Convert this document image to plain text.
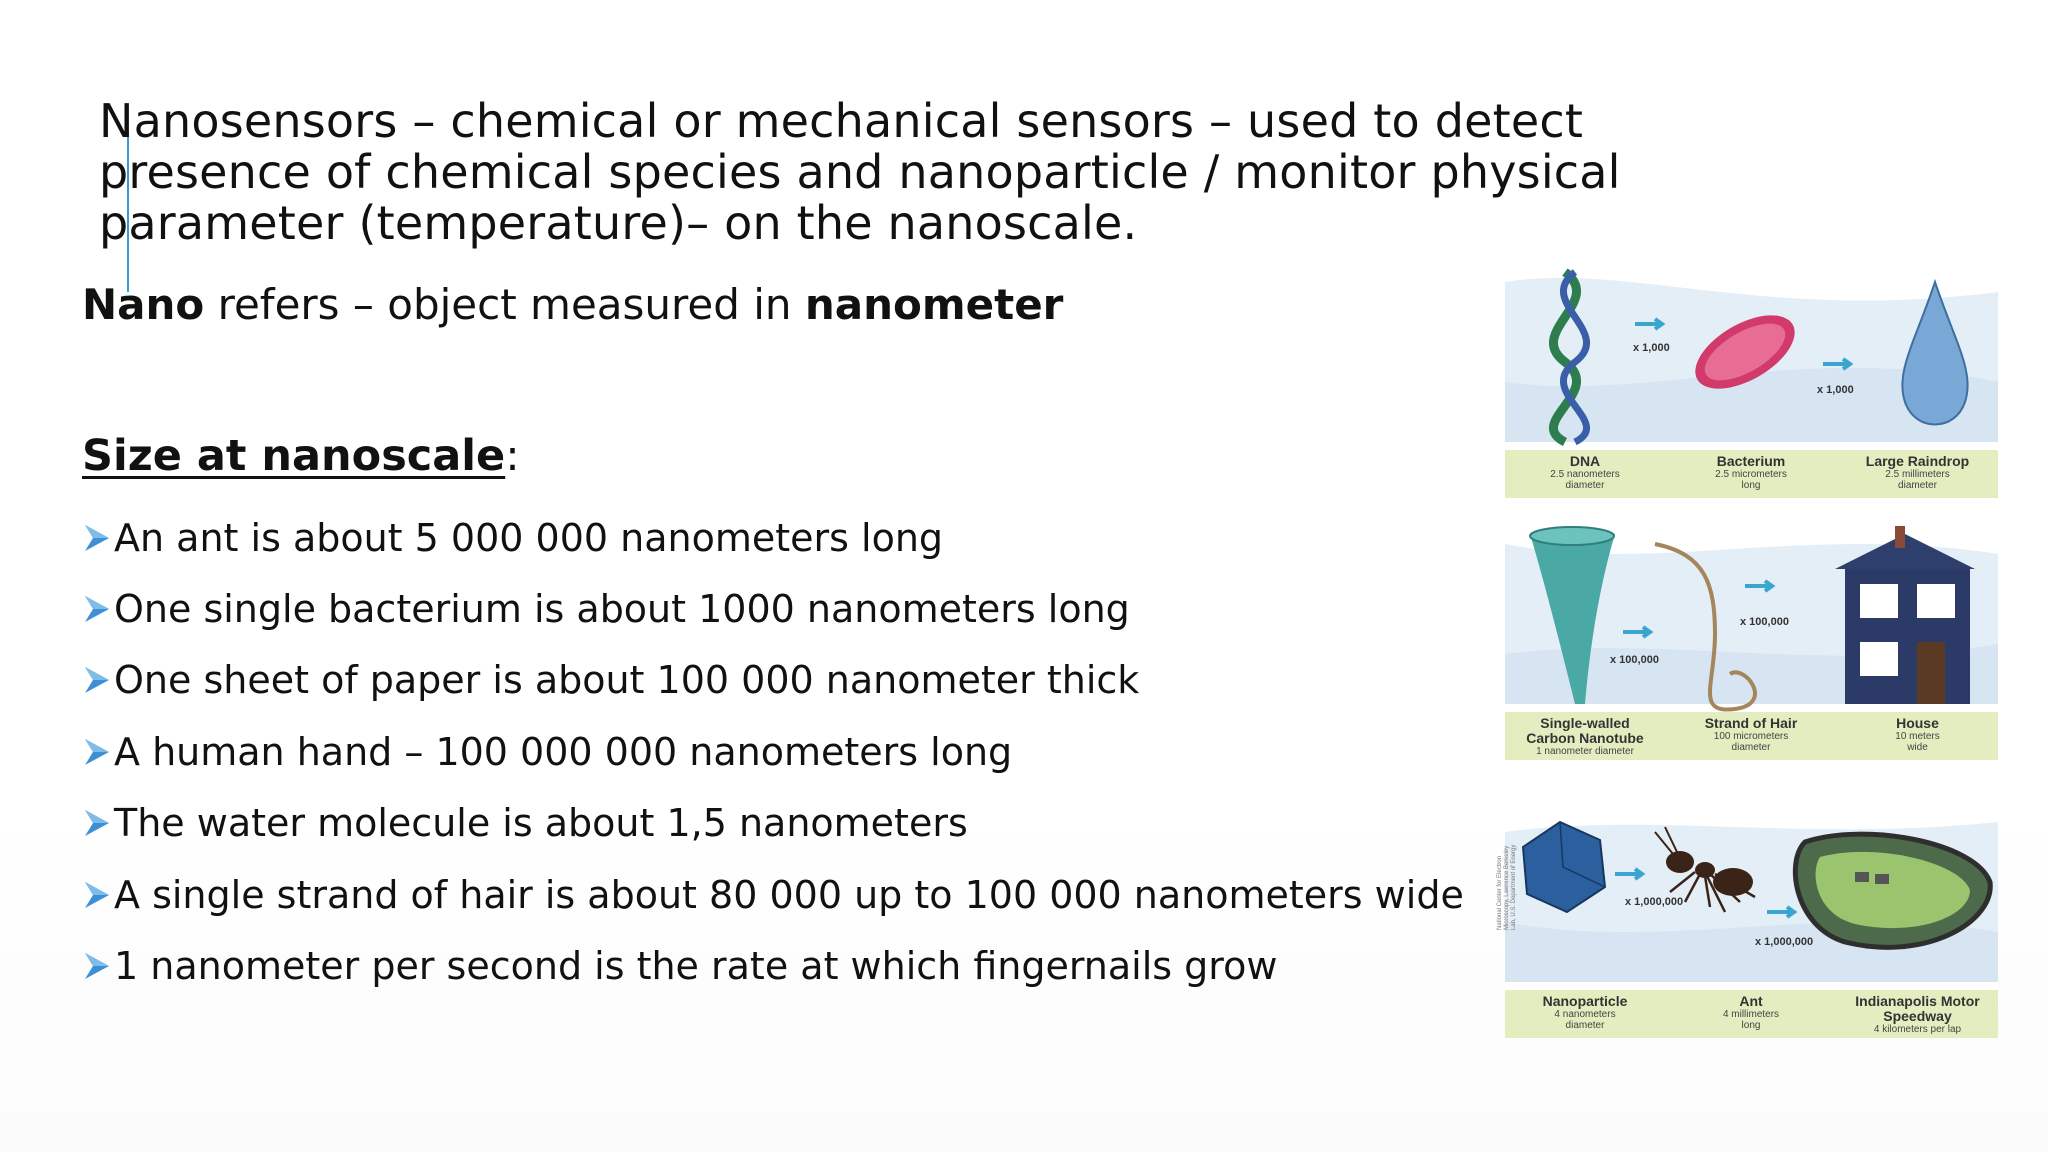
Nanosensors – chemical or mechanical sensors – used to detect

presence of chemical species and nanoparticle / monitor physical

parameter (temperature)– on the nanoscale.

Nano refers – object measured in nanometer
Size at nanoscale:
An ant is about 5 000 000 nanometers long
One single bacterium is about 1000 nanometers long
One sheet of paper is about 100 000 nanometer thick
A human hand – 100 000 000 nanometers long
The water molecule is about 1,5 nanometers
A single strand of hair is about 80 000 up to 100 000 nanometers wide
1 nanometer per second is the rate at which fingernails grow
x 1,000
x 1,000
DNA
2.5 nanometers
diameter
Bacterium
2.5 micrometers
long
Large Raindrop
2.5 millimeters
diameter
x 100,000
x 100,000
Single-walled
Carbon Nanotube
1 nanometer diameter
Strand of Hair
100 micrometers
diameter
House
10 meters
wide
x 1,000,000
x 1,000,000
Nanoparticle
4 nanometers
diameter
Ant
4 millimeters
long
Indianapolis Motor
Speedway
4 kilometers per lap
National Center for Electron
Microscopy, Lawrence Berkeley
Lab, U.S. Department of Energy
